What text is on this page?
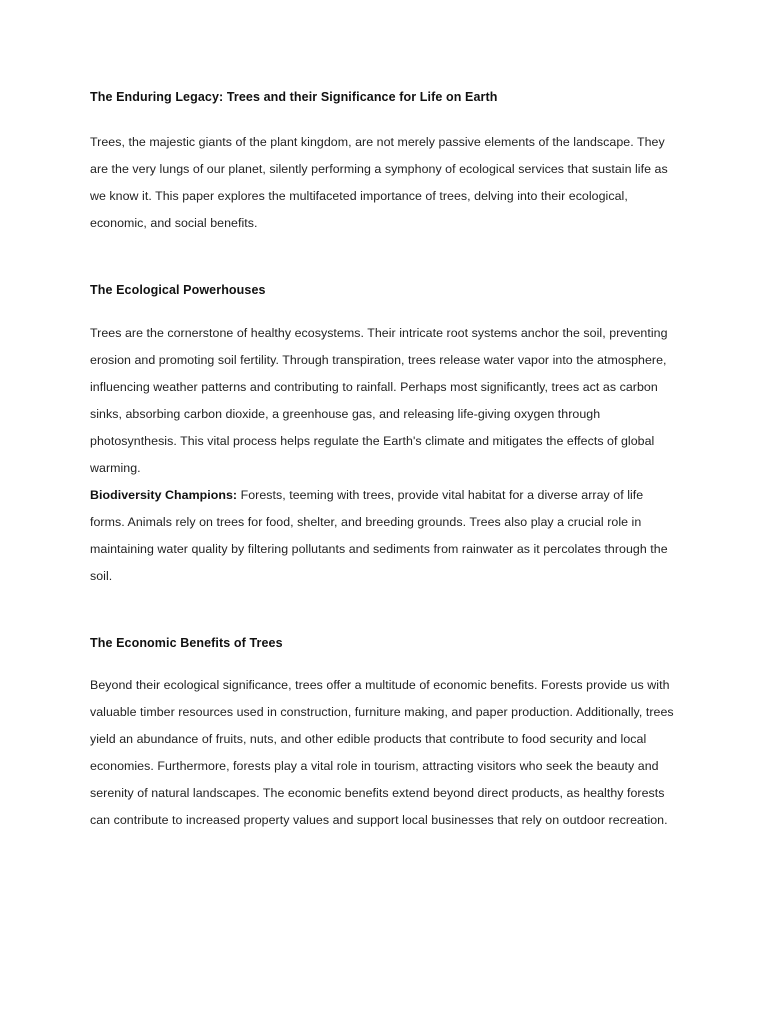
The Enduring Legacy: Trees and their Significance for Life on Earth

Trees, the majestic giants of the plant kingdom, are not merely passive elements of the landscape. They are the very lungs of our planet, silently performing a symphony of ecological services that sustain life as we know it. This paper explores the multifaceted importance of trees, delving into their ecological, economic, and social benefits.

The Ecological Powerhouses

Trees are the cornerstone of healthy ecosystems. Their intricate root systems anchor the soil, preventing erosion and promoting soil fertility. Through transpiration, trees release water vapor into the atmosphere, influencing weather patterns and contributing to rainfall. Perhaps most significantly, trees act as carbon sinks, absorbing carbon dioxide, a greenhouse gas, and releasing life-giving oxygen through photosynthesis. This vital process helps regulate the Earth's climate and mitigates the effects of global warming.

Biodiversity Champions: Forests, teeming with trees, provide vital habitat for a diverse array of life forms. Animals rely on trees for food, shelter, and breeding grounds. Trees also play a crucial role in maintaining water quality by filtering pollutants and sediments from rainwater as it percolates through the soil.

The Economic Benefits of Trees

Beyond their ecological significance, trees offer a multitude of economic benefits. Forests provide us with valuable timber resources used in construction, furniture making, and paper production. Additionally, trees yield an abundance of fruits, nuts, and other edible products that contribute to food security and local economies. Furthermore, forests play a vital role in tourism, attracting visitors who seek the beauty and serenity of natural landscapes. The economic benefits extend beyond direct products, as healthy forests can contribute to increased property values and support local businesses that rely on outdoor recreation.
